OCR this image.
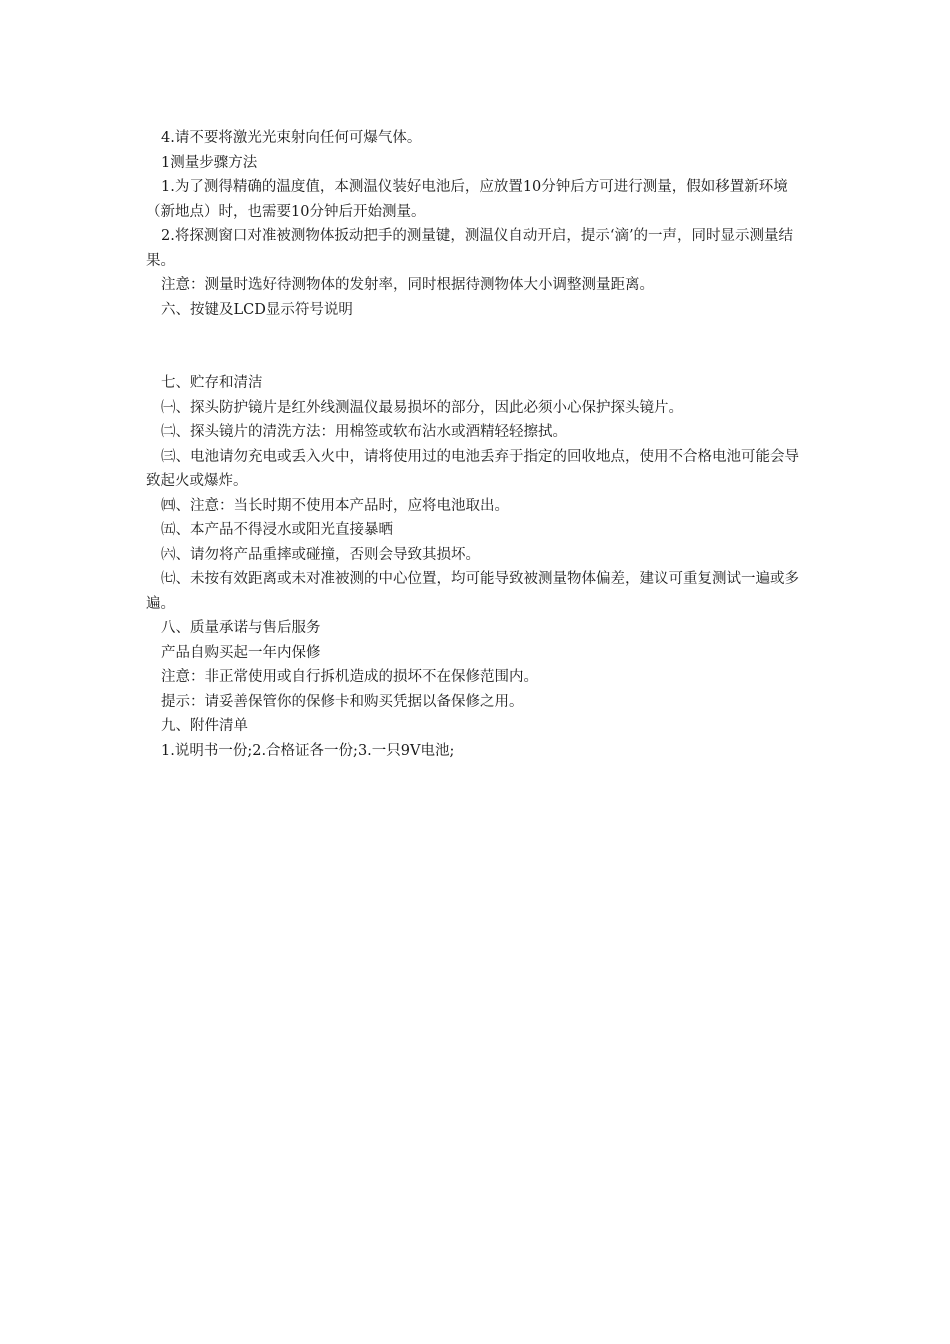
4.请不要将激光光束射向任何可爆气体。

1测量步骤方法

1.为了测得精确的温度值，本测温仪装好电池后，应放置10分钟后方可进行测量，假如移置新环境（新地点）时，也需要10分钟后开始测量。

2.将探测窗口对准被测物体扳动把手的测量键，测温仪自动开启，提示‘滴’的一声，同时显示测量结果。

注意：测量时选好待测物体的发射率，同时根据待测物体大小调整测量距离。

六、按键及LCD显示符号说明

七、贮存和清洁

㈠、探头防护镜片是红外线测温仪最易损坏的部分，因此必须小心保护探头镜片。

㈡、探头镜片的清洗方法：用棉签或软布沾水或酒精轻轻擦拭。

㈢、电池请勿充电或丢入火中，请将使用过的电池丢弃于指定的回收地点，使用不合格电池可能会导致起火或爆炸。

㈣、注意：当长时期不使用本产品时，应将电池取出。

㈤、本产品不得浸水或阳光直接暴晒

㈥、请勿将产品重摔或碰撞，否则会导致其损坏。

㈦、未按有效距离或未对准被测的中心位置，均可能导致被测量物体偏差，建议可重复测试一遍或多遍。

八、质量承诺与售后服务

产品自购买起一年内保修

注意：非正常使用或自行拆机造成的损坏不在保修范围内。

提示：请妥善保管你的保修卡和购买凭据以备保修之用。

九、附件清单

1.说明书一份;2.合格证各一份;3.一只9V电池;
